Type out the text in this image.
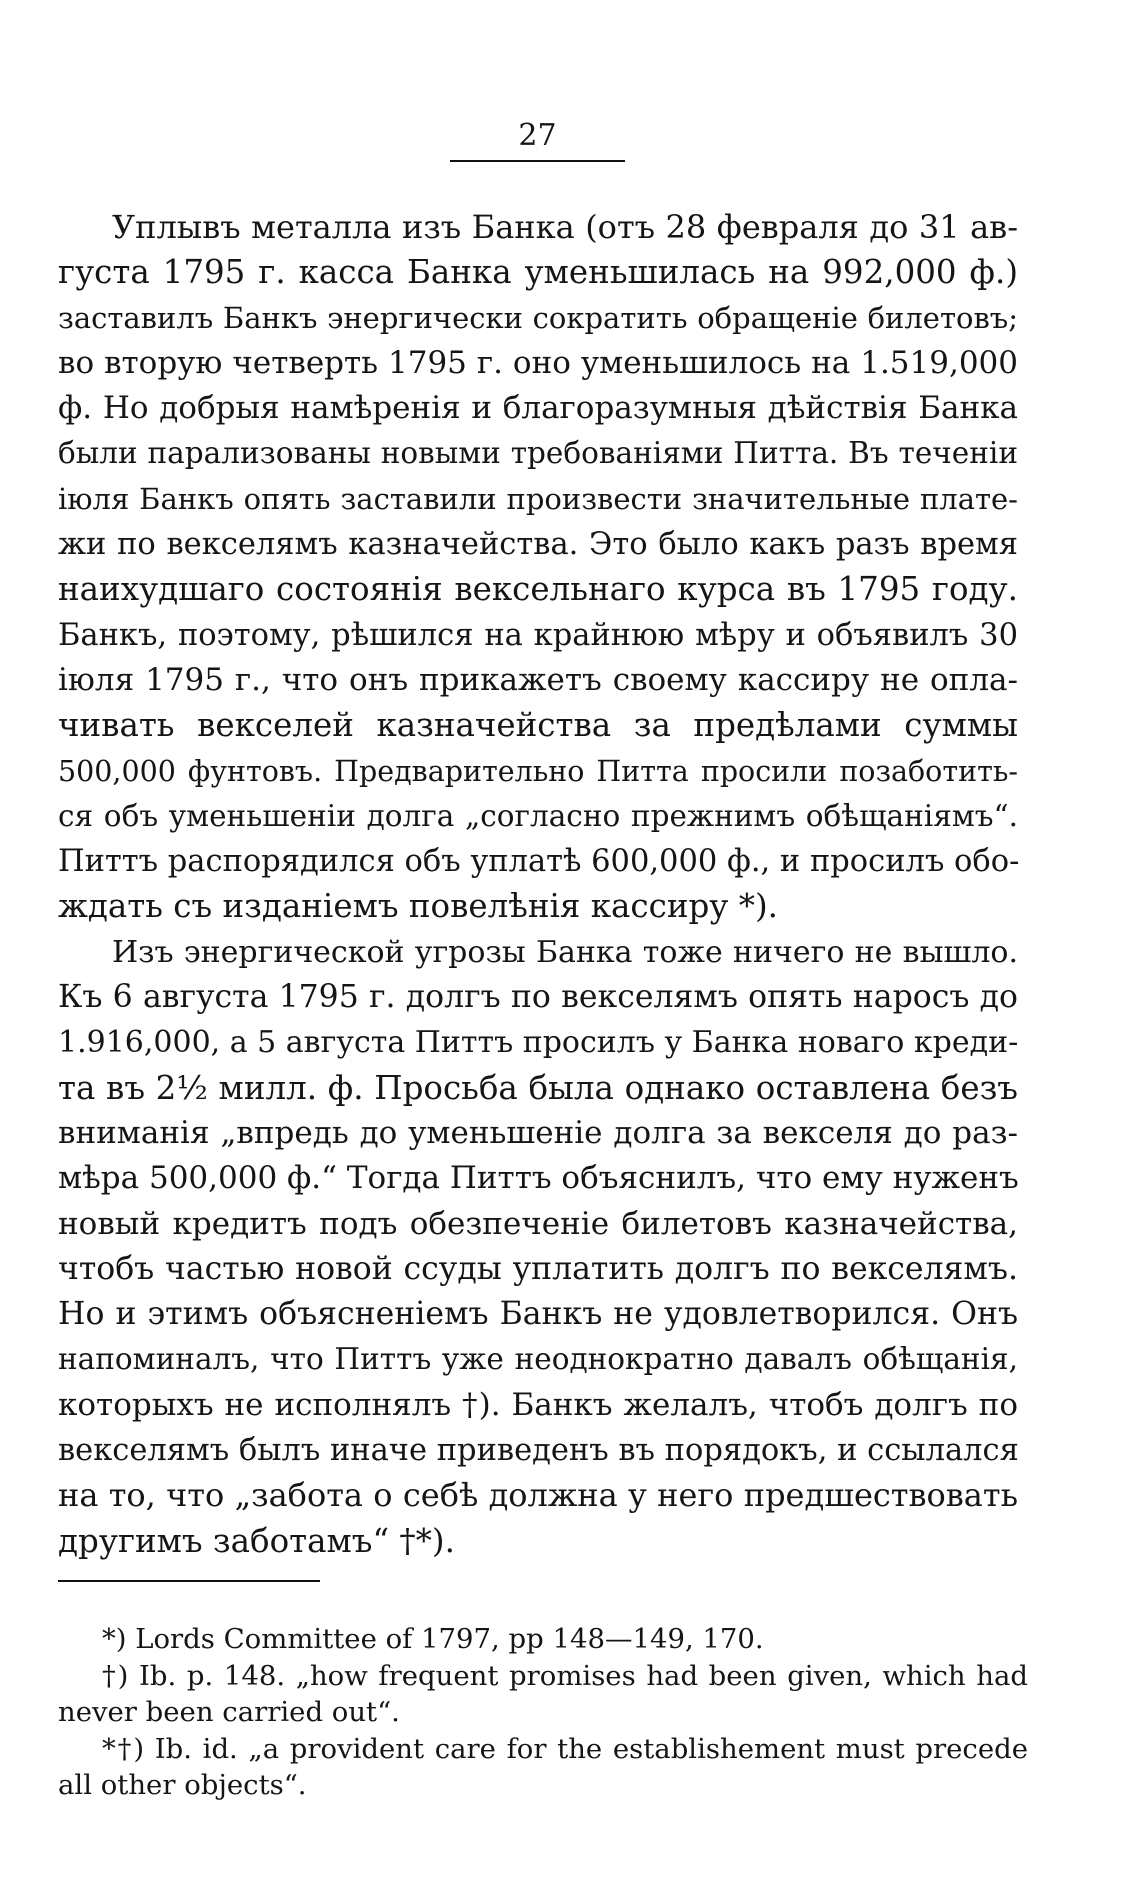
27
Уплывъ металла изъ Банка (отъ 28 февраля до 31 ав-
густа 1795 г. касса Банка уменьшилась на 992,000 ф.)
заставилъ Банкъ энергически сократить обращеніе билетовъ;
во вторую четверть 1795 г. оно уменьшилось на 1.519,000
ф. Но добрыя намѣренія и благоразумныя дѣйствія Банка
были парализованы новыми требованіями Питта. Въ теченіи
іюля Банкъ опять заставили произвести значительные плате-
жи по векселямъ казначейства. Это было какъ разъ время
наихудшаго состоянія вексельнаго курса въ 1795 году.
Банкъ, поэтому, рѣшился на крайнюю мѣру и объявилъ 30
іюля 1795 г., что онъ прикажетъ своему кассиру не опла-
чивать векселей казначейства за предѣлами суммы
500,000 фунтовъ. Предварительно Питта просили позаботить-
ся объ уменьшеніи долга „согласно прежнимъ обѣщаніямъ“.
Питтъ распорядился объ уплатѣ 600,000 ф., и просилъ обо-
ждать съ изданіемъ повелѣнія кассиру *).
Изъ энергической угрозы Банка тоже ничего не вышло.
Къ 6 августа 1795 г. долгъ по векселямъ опять наросъ до
1.916,000, а 5 августа Питтъ просилъ у Банка новаго креди-
та въ 2½ милл. ф. Просьба была однако оставлена безъ
вниманія „впредь до уменьшеніе долга за векселя до раз-
мѣра 500,000 ф.“ Тогда Питтъ объяснилъ, что ему нуженъ
новый кредитъ подъ обезпеченіе билетовъ казначейства,
чтобъ частью новой ссуды уплатить долгъ по векселямъ.
Но и этимъ объясненіемъ Банкъ не удовлетворился. Онъ
напоминалъ, что Питтъ уже неоднократно давалъ обѣщанія,
которыхъ не исполнялъ †). Банкъ желалъ, чтобъ долгъ по
векселямъ былъ иначе приведенъ въ порядокъ, и ссылался
на то, что „забота о себѣ должна у него предшествовать
другимъ заботамъ“ †*).
*) Lords Committee of 1797, pp 148—149, 170.
†) Ib. p. 148. „how frequent promises had been given, which had
never been carried out“.
*†) Ib. id. „a provident care for the establishement must precede
all other objects“.
